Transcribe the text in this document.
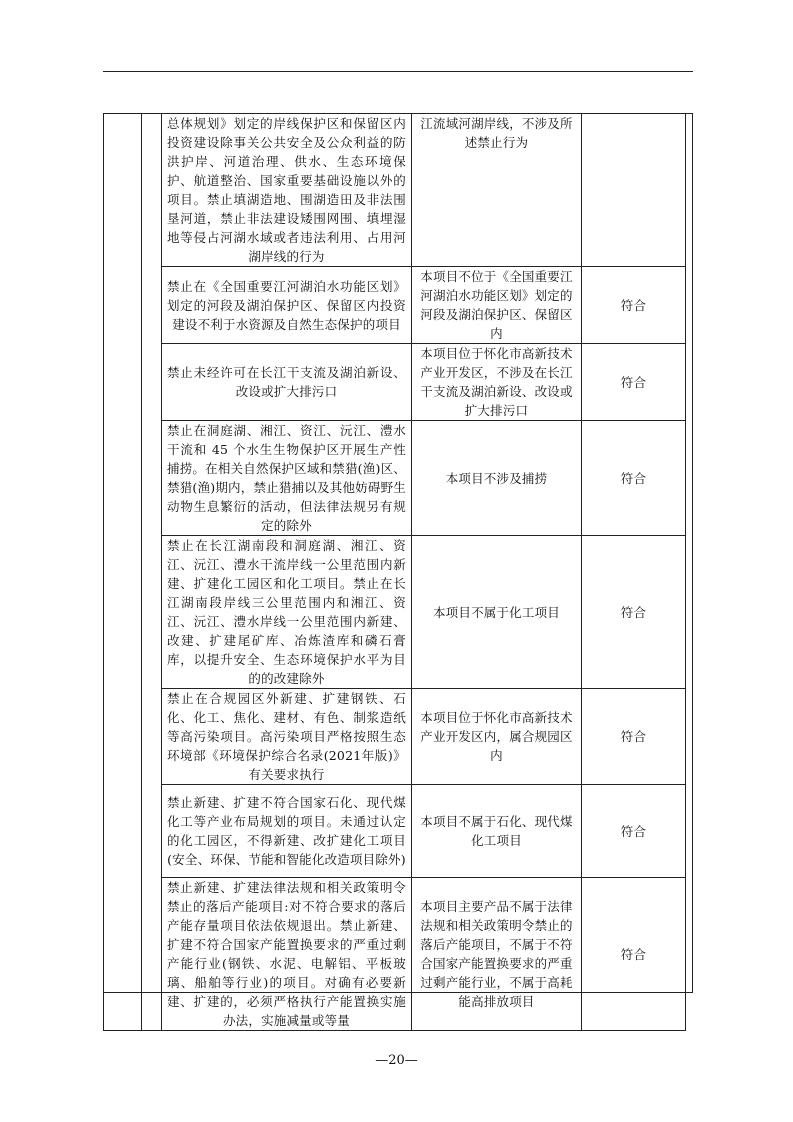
		总体规划》划定的岸线保护区和保留区内投资建设除事关公共安全及公众利益的防洪护岸、河道治理、供水、生态环境保护、航道整治、国家重要基础设施以外的项目。禁止填湖造地、围湖造田及非法围垦河道，禁止非法建设矮围网围、填埋湿地等侵占河湖水域或者违法利用、占用河湖岸线的行为	江流域河湖岸线，不涉及所述禁止行为	
		禁止在《全国重要江河湖泊水功能区划》划定的河段及湖泊保护区、保留区内投资建设不利于水资源及自然生态保护的项目	本项目不位于《全国重要江河湖泊水功能区划》划定的河段及湖泊保护区、保留区内	符合
		禁止未经许可在长江干支流及湖泊新设、改设或扩大排污口	本项目位于怀化市高新技术产业开发区，不涉及在长江干支流及湖泊新设、改设或扩大排污口	符合
		禁止在洞庭湖、湘江、资江、沅江、澧水干流和 45 个水生生物保护区开展生产性捕捞。在相关自然保护区域和禁猎(渔)区、禁猎(渔)期内，禁止猎捕以及其他妨碍野生动物生息繁衍的活动，但法律法规另有规定的除外	本项目不涉及捕捞	符合
		禁止在长江湖南段和洞庭湖、湘江、资江、沅江、澧水干流岸线一公里范围内新建、扩建化工园区和化工项目。禁止在长江湖南段岸线三公里范围内和湘江、资江、沅江、澧水岸线一公里范围内新建、改建、扩建尾矿库、冶炼渣库和磷石膏库，以提升安全、生态环境保护水平为目的的改建除外	本项目不属于化工项目	符合
		禁止在合规园区外新建、扩建钢铁、石化、化工、焦化、建材、有色、制浆造纸等高污染项目。高污染项目严格按照生态环境部《环境保护综合名录(2021年版)》有关要求执行	本项目位于怀化市高新技术产业开发区内，属合规园区内	符合
		禁止新建、扩建不符合国家石化、现代煤化工等产业布局规划的项目。未通过认定的化工园区，不得新建、改扩建化工项目(安全、环保、节能和智能化改造项目除外)	本项目不属于石化、现代煤化工项目	符合
		禁止新建、扩建法律法规和相关政策明令禁止的落后产能项目:对不符合要求的落后产能存量项目依法依规退出。禁止新建、扩建不符合国家产能置换要求的严重过剩产能行业(钢铁、水泥、电解铝、平板玻璃、船舶等行业)的项目。对确有必要新建、扩建的，必须严格执行产能置换实施办法，实施减量或等量	本项目主要产品不属于法律法规和相关政策明令禁止的落后产能项目，不属于不符合国家产能置换要求的严重过剩产能行业，不属于高耗能高排放项目	符合
—20—
